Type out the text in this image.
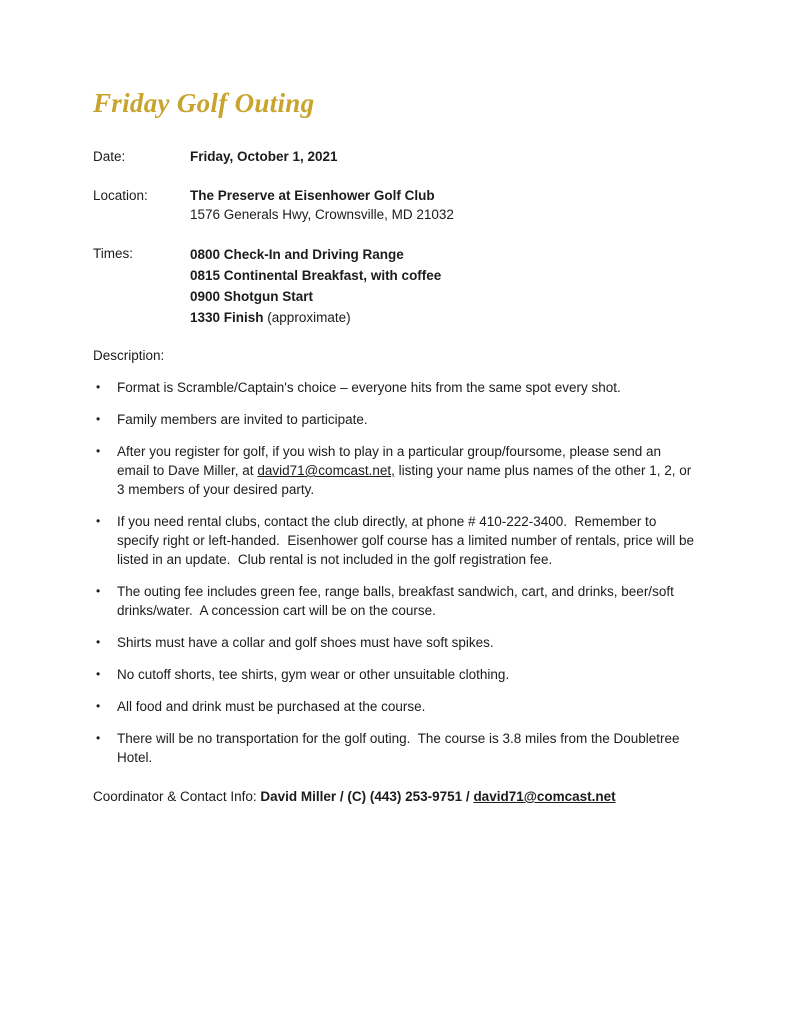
Friday Golf Outing
Date:	Friday, October 1, 2021
Location:	The Preserve at Eisenhower Golf Club
1576 Generals Hwy, Crownsville, MD 21032
Times:	0800 Check-In and Driving Range
0815 Continental Breakfast, with coffee
0900 Shotgun Start
1330 Finish (approximate)
Description:
•	Format is Scramble/Captain's choice – everyone hits from the same spot every shot.
•	Family members are invited to participate.
•	After you register for golf, if you wish to play in a particular group/foursome, please send an email to Dave Miller, at david71@comcast.net, listing your name plus names of the other 1, 2, or 3 members of your desired party.
•	If you need rental clubs, contact the club directly, at phone # 410-222-3400.  Remember to specify right or left-handed.  Eisenhower golf course has a limited number of rentals, price will be listed in an update.  Club rental is not included in the golf registration fee.
•	The outing fee includes green fee, range balls, breakfast sandwich, cart, and drinks, beer/soft drinks/water.  A concession cart will be on the course.
•	Shirts must have a collar and golf shoes must have soft spikes.
•	No cutoff shorts, tee shirts, gym wear or other unsuitable clothing.
•	All food and drink must be purchased at the course.
•	There will be no transportation for the golf outing.  The course is 3.8 miles from the Doubletree Hotel.
Coordinator & Contact Info: David Miller / (C) (443) 253-9751 / david71@comcast.net
